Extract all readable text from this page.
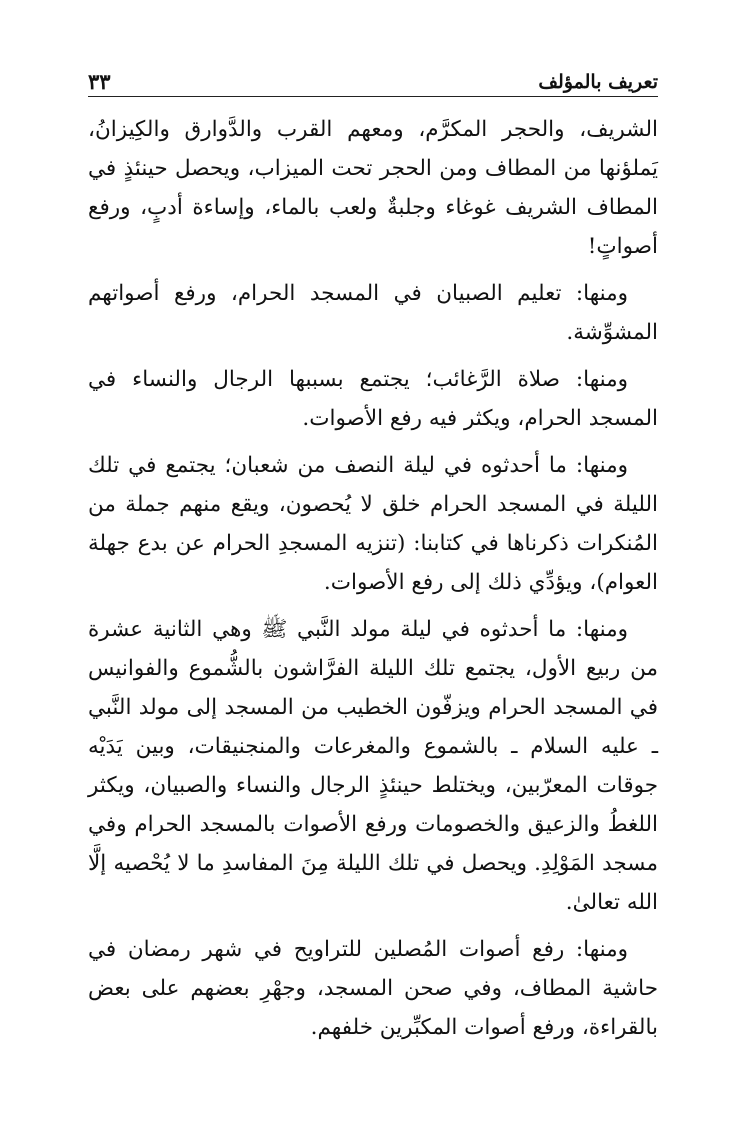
تعريف بالمؤلف
٣٣

الشريف، والحجر المكرَّم، ومعهم القرب والدَّوارق والكِيزانُ، يَملؤنها من المطاف ومن الحجر تحت الميزاب، ويحصل حينئذٍ في المطاف الشريف غوغاء وجلبةٌ ولعب بالماء، وإساءة أدبٍ، ورفع أصواتٍ!

ومنها: تعليم الصبيان في المسجد الحرام، ورفع أصواتهم المشوِّشة.

ومنها: صلاة الرَّغائب؛ يجتمع بسببها الرجال والنساء في المسجد الحرام، ويكثر فيه رفع الأصوات.

ومنها: ما أحدثوه في ليلة النصف من شعبان؛ يجتمع في تلك الليلة في المسجد الحرام خلق لا يُحصون، ويقع منهم جملة من المُنكرات ذكرناها في كتابنا: (تنزيه المسجدِ الحرام عن بدع جهلة العوام)، ويؤدِّي ذلك إلى رفع الأصوات.

ومنها: ما أحدثوه في ليلة مولد النَّبي ﷺ وهي الثانية عشرة من ربيع الأول، يجتمع تلك الليلة الفرَّاشون بالشُّموع والفوانيس في المسجد الحرام ويزفّون الخطيب من المسجد إلى مولد النَّبي ـ عليه السلام ـ بالشموع والمغرعات والمنجنيقات، وبين يَدَيْه جوقات المعرّبين، ويختلط حينئذٍ الرجال والنساء والصبيان، ويكثر اللغطُ والزعيق والخصومات ورفع الأصوات بالمسجد الحرام وفي مسجد المَوْلِدِ. ويحصل في تلك الليلة مِنَ المفاسدِ ما لا يُحْصيه إلَّا الله تعالىٰ.

ومنها: رفع أصوات المُصلين للتراويح في شهر رمضان في حاشية المطاف، وفي صحن المسجد، وجهْرِ بعضهم على بعض بالقراءة، ورفع أصوات المكبِّرين خلفهم.
